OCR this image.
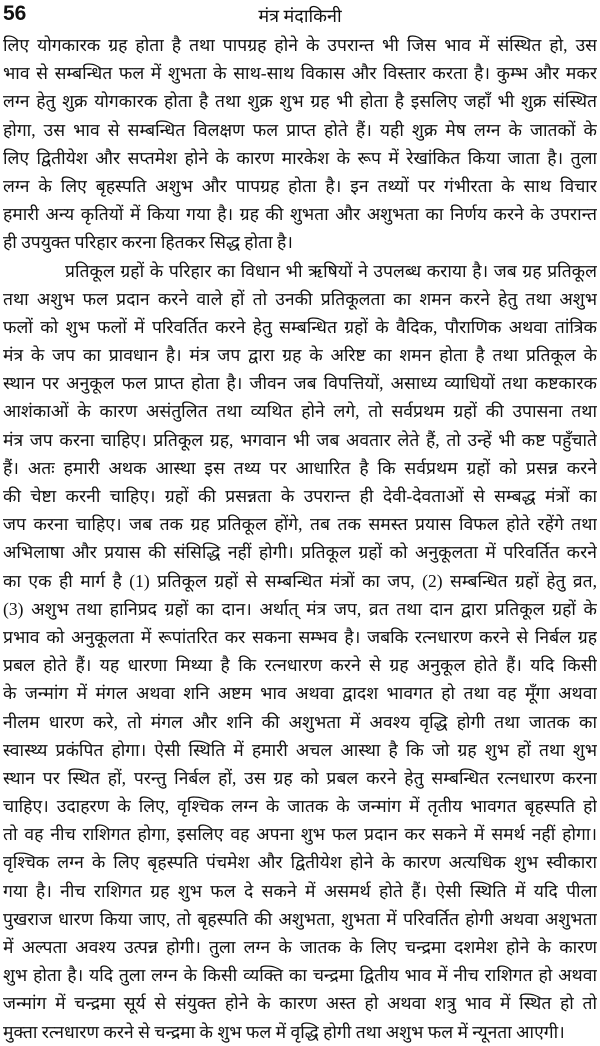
56	मंत्र मंदाकिनी
लिए योगकारक ग्रह होता है तथा पापग्रह होने के उपरान्त भी जिस भाव में संस्थित हो, उस
भाव से सम्बन्धित फल में शुभता के साथ-साथ विकास और विस्तार करता है। कुम्भ और मकर
लग्न हेतु शुक्र योगकारक होता है तथा शुक्र शुभ ग्रह भी होता है इसलिए जहाँ भी शुक्र संस्थित
होगा, उस भाव से सम्बन्धित विलक्षण फल प्राप्त होते हैं। यही शुक्र मेष लग्न के जातकों के
लिए द्वितीयेश और सप्तमेश होने के कारण मारकेश के रूप में रेखांकित किया जाता है। तुला
लग्न के लिए बृहस्पति अशुभ और पापग्रह होता है। इन तथ्यों पर गंभीरता के साथ विचार
हमारी अन्य कृतियों में किया गया है। ग्रह की शुभता और अशुभता का निर्णय करने के उपरान्त
ही उपयुक्त परिहार करना हितकर सिद्ध होता है।
प्रतिकूल ग्रहों के परिहार का विधान भी ऋषियों ने उपलब्ध कराया है। जब ग्रह प्रतिकूल
तथा अशुभ फल प्रदान करने वाले हों तो उनकी प्रतिकूलता का शमन करने हेतु तथा अशुभ
फलों को शुभ फलों में परिवर्तित करने हेतु सम्बन्धित ग्रहों के वैदिक, पौराणिक अथवा तांत्रिक
मंत्र के जप का प्रावधान है। मंत्र जप द्वारा ग्रह के अरिष्ट का शमन होता है तथा प्रतिकूल के
स्थान पर अनुकूल फल प्राप्त होता है। जीवन जब विपत्तियों, असाध्य व्याधियों तथा कष्टकारक
आशंकाओं के कारण असंतुलित तथा व्यथित होने लगे, तो सर्वप्रथम ग्रहों की उपासना तथा
मंत्र जप करना चाहिए। प्रतिकूल ग्रह, भगवान भी जब अवतार लेते हैं, तो उन्हें भी कष्ट पहुँचाते
हैं। अतः हमारी अथक आस्था इस तथ्य पर आधारित है कि सर्वप्रथम ग्रहों को प्रसन्न करने
की चेष्टा करनी चाहिए। ग्रहों की प्रसन्नता के उपरान्त ही देवी-देवताओं से सम्बद्ध मंत्रों का
जप करना चाहिए। जब तक ग्रह प्रतिकूल होंगे, तब तक समस्त प्रयास विफल होते रहेंगे तथा
अभिलाषा और प्रयास की संसिद्धि नहीं होगी। प्रतिकूल ग्रहों को अनुकूलता में परिवर्तित करने
का एक ही मार्ग है (1) प्रतिकूल ग्रहों से सम्बन्धित मंत्रों का जप, (2) सम्बन्धित ग्रहों हेतु व्रत,
(3) अशुभ तथा हानिप्रद ग्रहों का दान। अर्थात् मंत्र जप, व्रत तथा दान द्वारा प्रतिकूल ग्रहों के
प्रभाव को अनुकूलता में रूपांतरित कर सकना सम्भव है। जबकि रत्नधारण करने से निर्बल ग्रह
प्रबल होते हैं। यह धारणा मिथ्या है कि रत्नधारण करने से ग्रह अनुकूल होते हैं। यदि किसी
के जन्मांग में मंगल अथवा शनि अष्टम भाव अथवा द्वादश भावगत हो तथा वह मूँगा अथवा
नीलम धारण करे, तो मंगल और शनि की अशुभता में अवश्य वृद्धि होगी तथा जातक का
स्वास्थ्य प्रकंपित होगा। ऐसी स्थिति में हमारी अचल आस्था है कि जो ग्रह शुभ हों तथा शुभ
स्थान पर स्थित हों, परन्तु निर्बल हों, उस ग्रह को प्रबल करने हेतु सम्बन्धित रत्नधारण करना
चाहिए। उदाहरण के लिए, वृश्चिक लग्न के जातक के जन्मांग में तृतीय भावगत बृहस्पति हो
तो वह नीच राशिगत होगा, इसलिए वह अपना शुभ फल प्रदान कर सकने में समर्थ नहीं होगा।
वृश्चिक लग्न के लिए बृहस्पति पंचमेश और द्वितीयेश होने के कारण अत्यधिक शुभ स्वीकारा
गया है। नीच राशिगत ग्रह शुभ फल दे सकने में असमर्थ होते हैं। ऐसी स्थिति में यदि पीला
पुखराज धारण किया जाए, तो बृहस्पति की अशुभता, शुभता में परिवर्तित होगी अथवा अशुभता
में अल्पता अवश्य उत्पन्न होगी। तुला लग्न के जातक के लिए चन्द्रमा दशमेश होने के कारण
शुभ होता है। यदि तुला लग्न के किसी व्यक्ति का चन्द्रमा द्वितीय भाव में नीच राशिगत हो अथवा
जन्मांग में चन्द्रमा सूर्य से संयुक्त होने के कारण अस्त हो अथवा शत्रु भाव में स्थित हो तो
मुक्ता रत्नधारण करने से चन्द्रमा के शुभ फल में वृद्धि होगी तथा अशुभ फल में न्यूनता आएगी।
